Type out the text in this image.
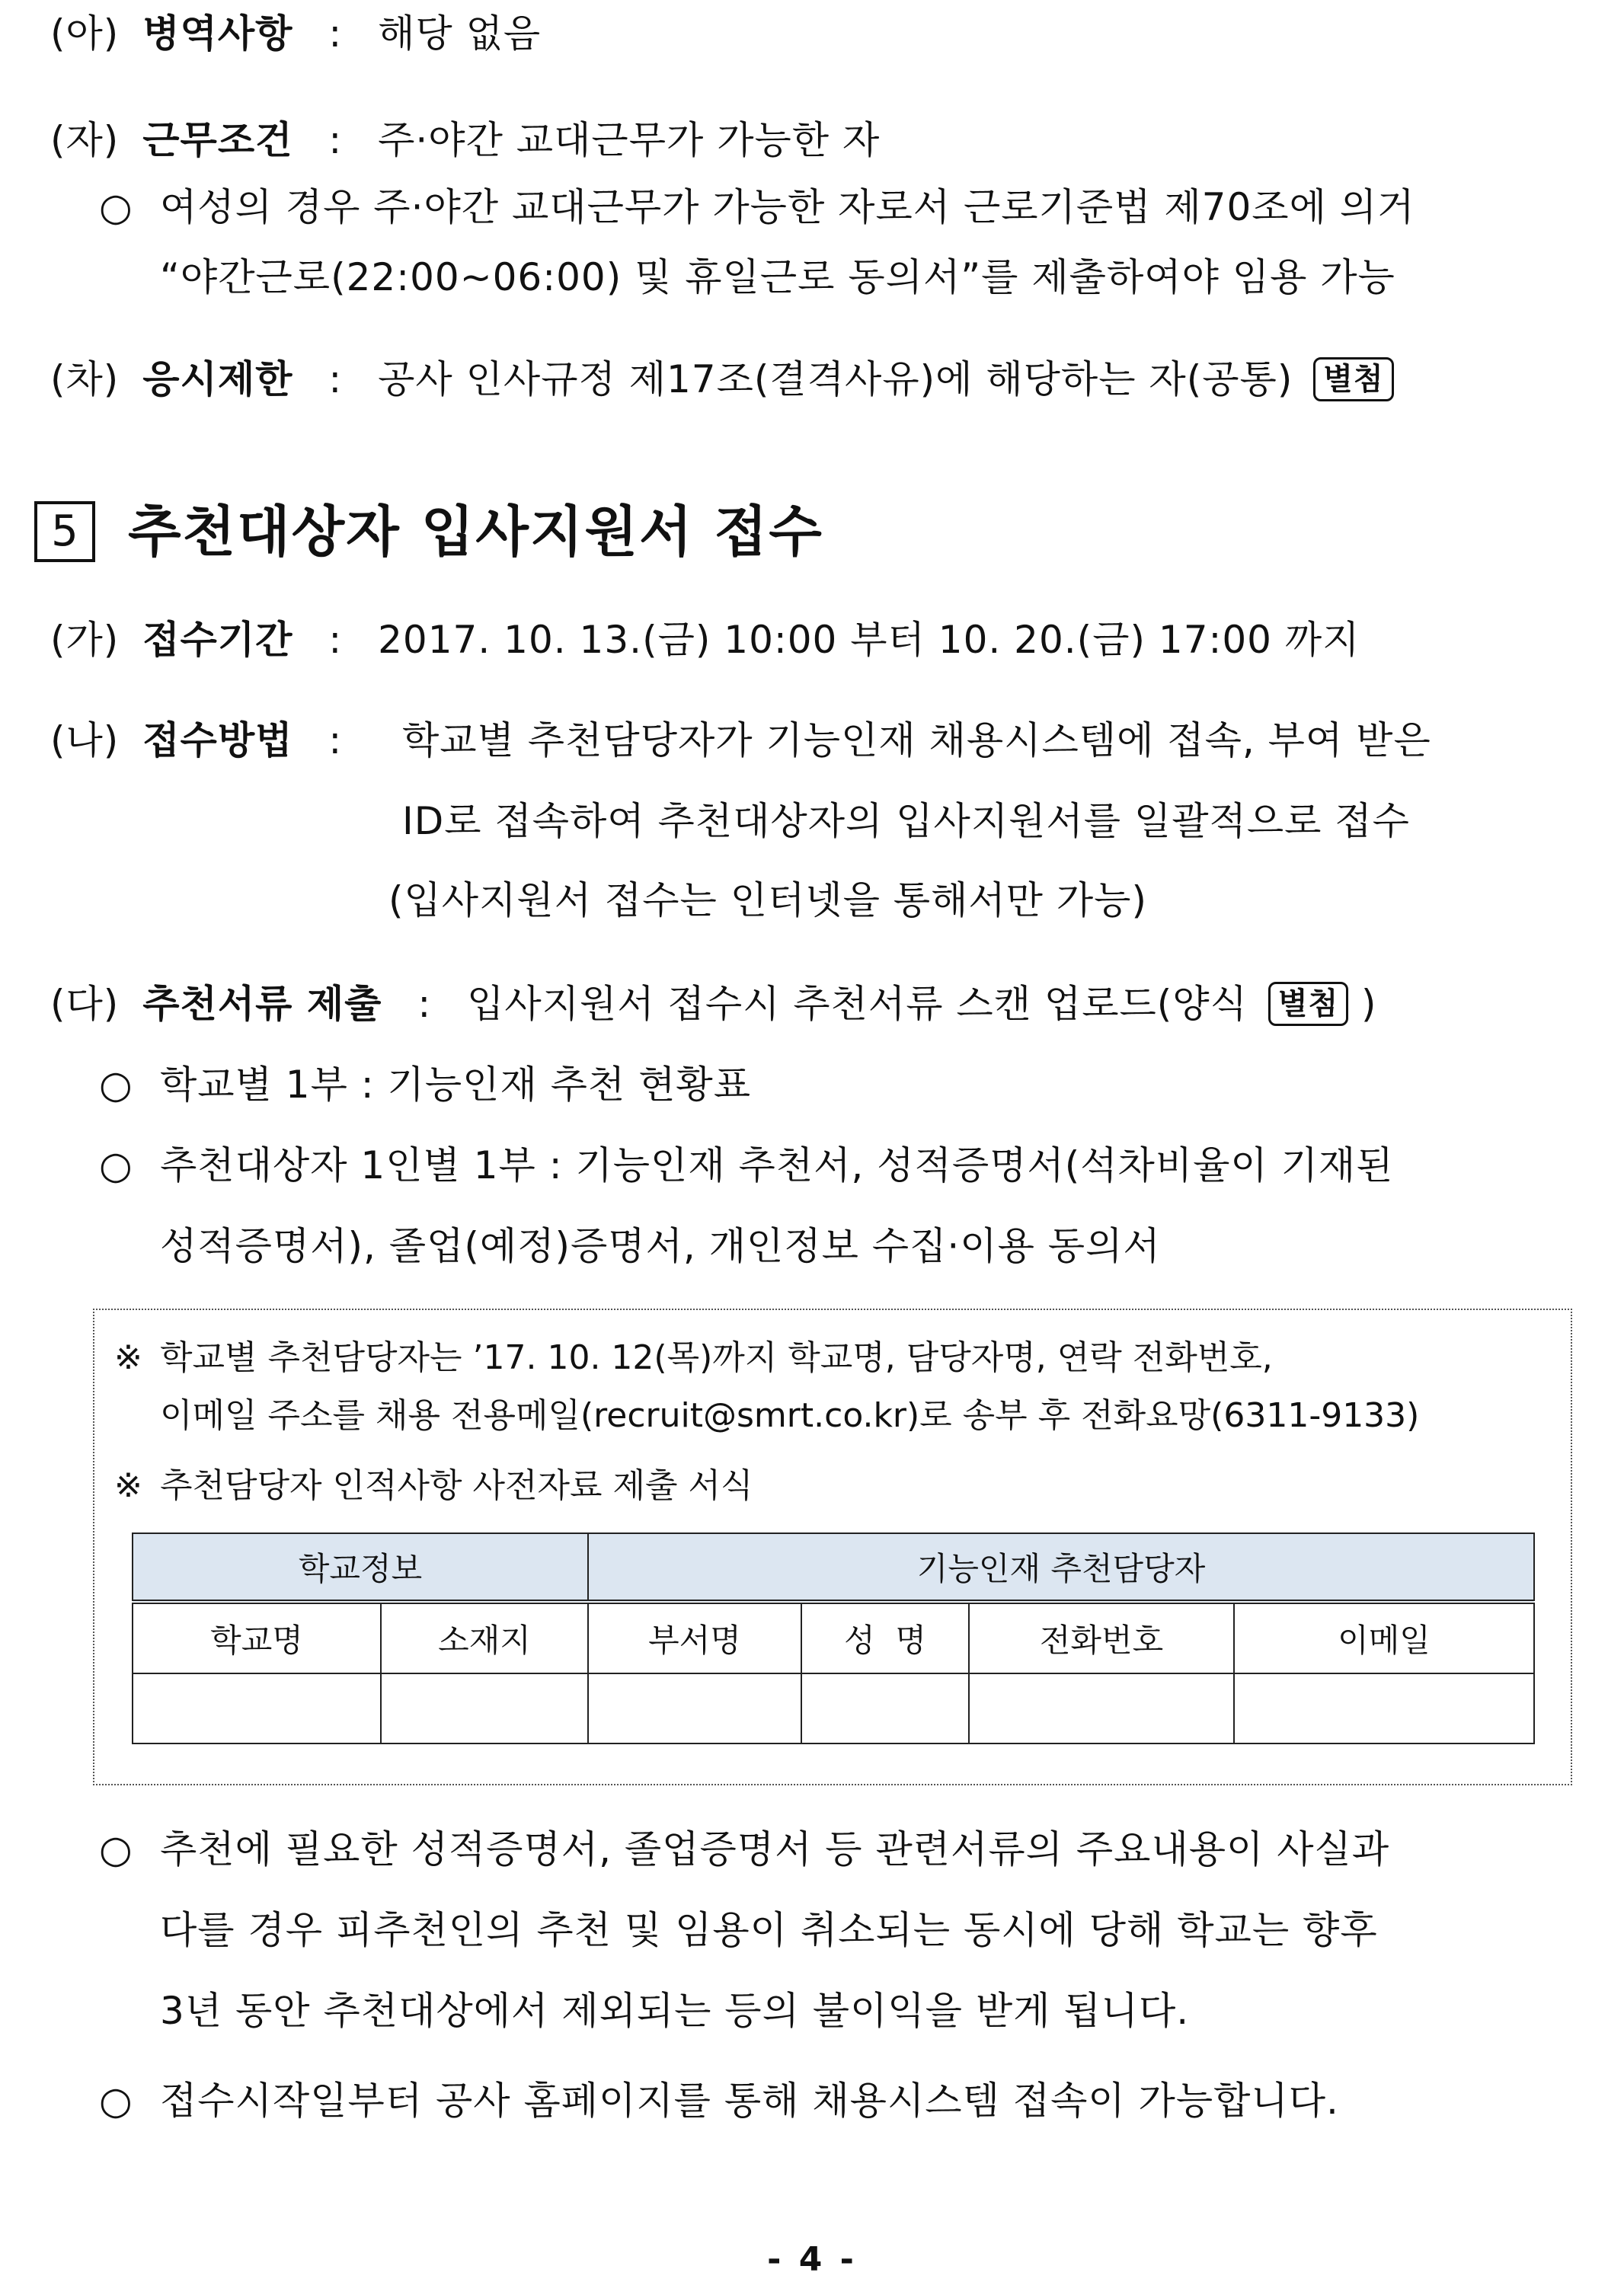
(아) 병역사항 : 해당 없음
(자) 근무조건 : 주·야간 교대근무가 가능한 자
○ 여성의 경우 주·야간 교대근무가 가능한 자로서 근로기준법 제70조에 의거
“야간근로(22:00~06:00) 및 휴일근로 동의서”를 제출하여야 임용 가능
(차) 응시제한 : 공사 인사규정 제17조(결격사유)에 해당하는 자(공통) 별첨
5 추천대상자 입사지원서 접수
(가) 접수기간 : 2017. 10. 13.(금) 10:00 부터 10. 20.(금) 17:00 까지
(나) 접수방법 : 학교별 추천담당자가 기능인재 채용시스템에 접속, 부여 받은
ID로 접속하여 추천대상자의 입사지원서를 일괄적으로 접수
(입사지원서 접수는 인터넷을 통해서만 가능)
(다) 추천서류 제출 : 입사지원서 접수시 추천서류 스캔 업로드(양식 별첨 )
○ 학교별 1부 : 기능인재 추천 현황표
○ 추천대상자 1인별 1부 : 기능인재 추천서, 성적증명서(석차비율이 기재된
성적증명서), 졸업(예정)증명서, 개인정보 수집·이용 동의서
※ 학교별 추천담당자는 ’17. 10. 12(목)까지 학교명, 담당자명, 연락 전화번호,
이메일 주소를 채용 전용메일(recruit@smrt.co.kr)로 송부 후 전화요망(6311-9133)
※ 추천담당자 인적사항 사전자료 제출 서식
학교정보		기능인재 추천담당자			
학교명	소재지	부서명	성  명	전화번호	이메일

○ 추천에 필요한 성적증명서, 졸업증명서 등 관련서류의 주요내용이 사실과
다를 경우 피추천인의 추천 및 임용이 취소되는 동시에 당해 학교는 향후
3년 동안 추천대상에서 제외되는 등의 불이익을 받게 됩니다.
○ 접수시작일부터 공사 홈페이지를 통해 채용시스템 접속이 가능합니다.
- 4 -
